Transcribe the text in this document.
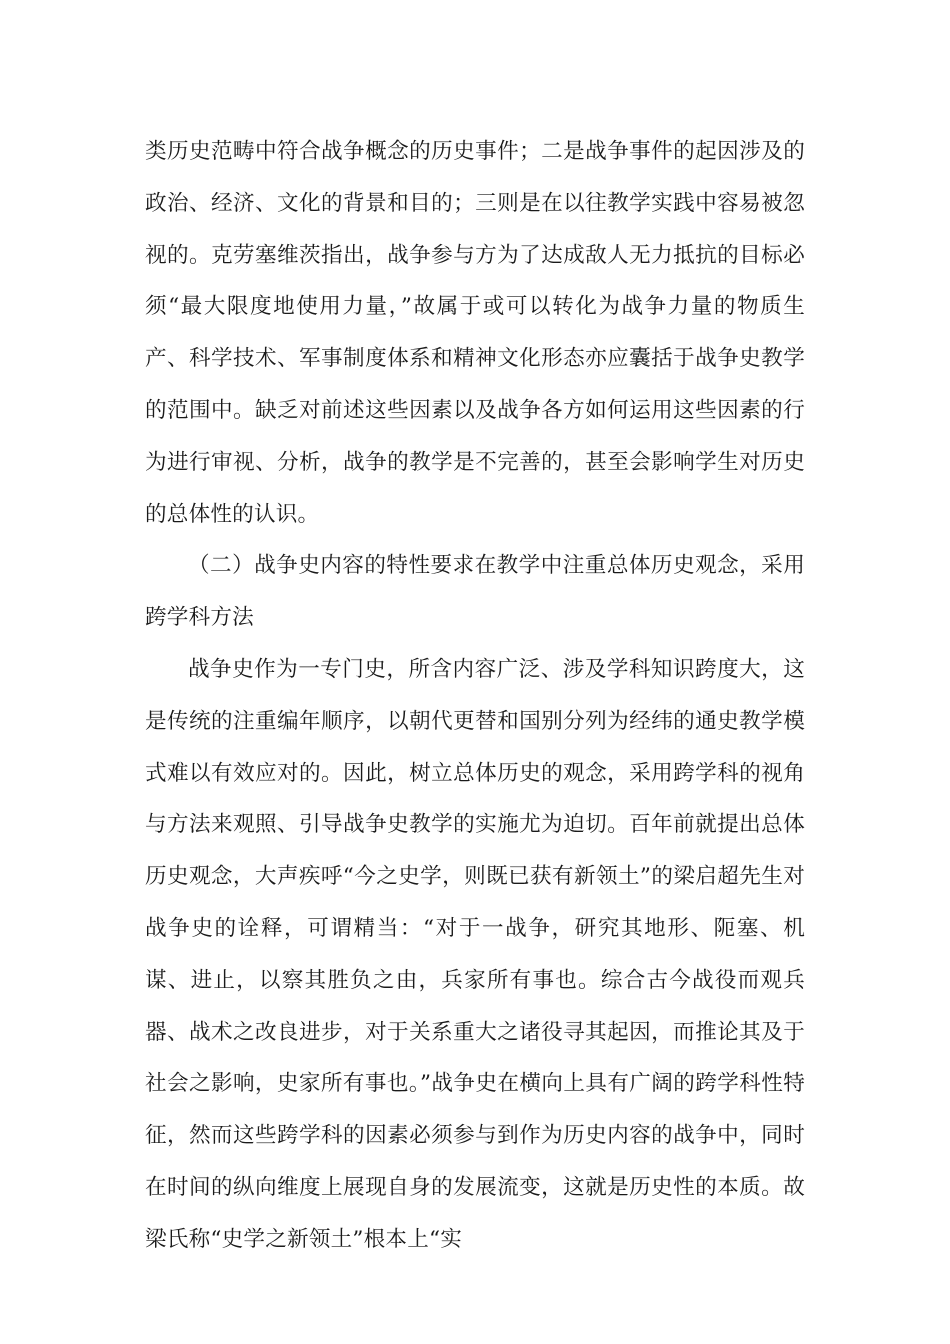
类历史范畴中符合战争概念的历史事件；二是战争事件的起因涉及的政治、经济、文化的背景和目的；三则是在以往教学实践中容易被忽视的。克劳塞维茨指出，战争参与方为了达成敌人无力抵抗的目标必须“最大限度地使用力量，”故属于或可以转化为战争力量的物质生产、科学技术、军事制度体系和精神文化形态亦应囊括于战争史教学的范围中。缺乏对前述这些因素以及战争各方如何运用这些因素的行为进行审视、分析，战争的教学是不完善的，甚至会影响学生对历史的总体性的认识。

（二）战争史内容的特性要求在教学中注重总体历史观念，采用跨学科方法

战争史作为一专门史，所含内容广泛、涉及学科知识跨度大，这是传统的注重编年顺序，以朝代更替和国别分列为经纬的通史教学模式难以有效应对的。因此，树立总体历史的观念，采用跨学科的视角与方法来观照、引导战争史教学的实施尤为迫切。百年前就提出总体历史观念，大声疾呼“今之史学，则既已获有新领土”的梁启超先生对战争史的诠释，可谓精当：“对于一战争，研究其地形、阨塞、机谋、进止，以察其胜负之由，兵家所有事也。综合古今战役而观兵器、战术之改良进步，对于关系重大之诸役寻其起因，而推论其及于社会之影响，史家所有事也。”战争史在横向上具有广阔的跨学科性特征，然而这些跨学科的因素必须参与到作为历史内容的战争中，同时在时间的纵向维度上展现自身的发展流变，这就是历史性的本质。故梁氏称“史学之新领土”根本上“实
